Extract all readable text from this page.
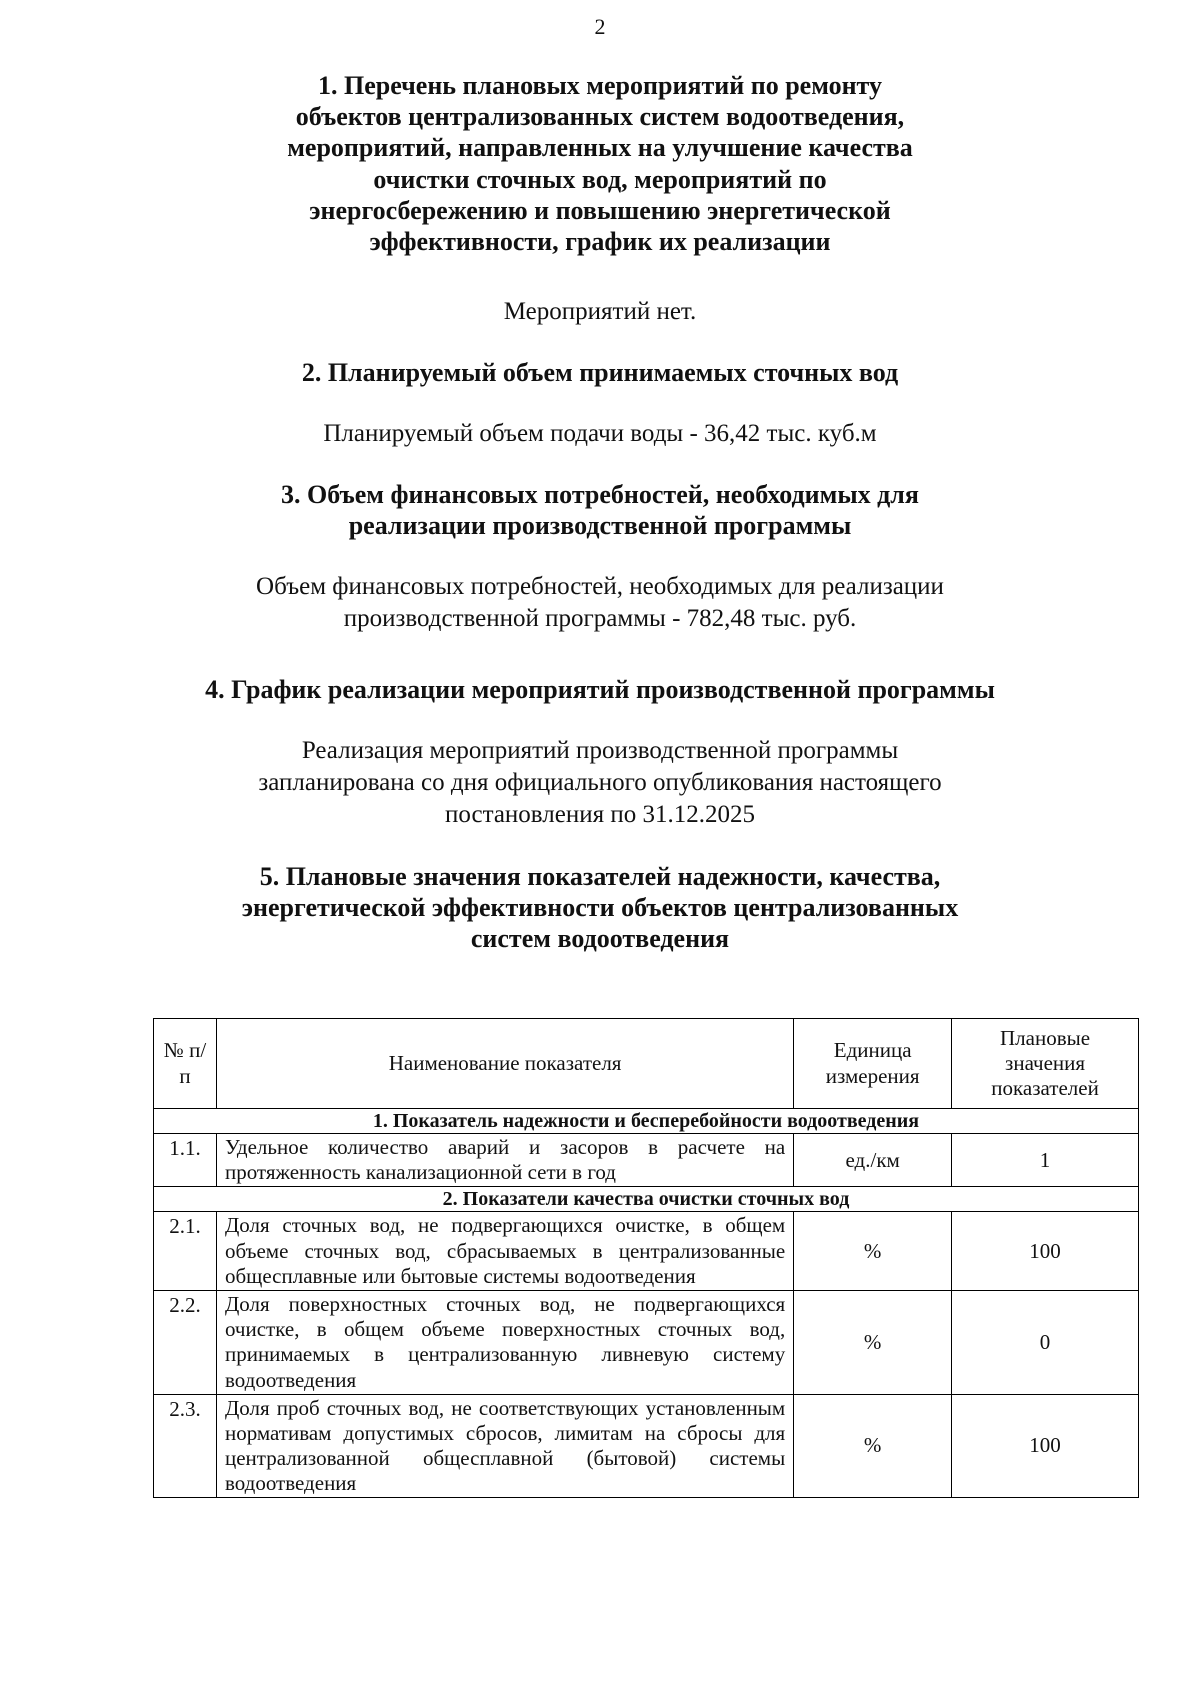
2
1. Перечень плановых мероприятий по ремонту
объектов централизованных систем водоотведения,
мероприятий, направленных на улучшение качества
очистки сточных вод, мероприятий по
энергосбережению и повышению энергетической
эффективности, график их реализации
Мероприятий нет.
2. Планируемый объем принимаемых сточных вод
Планируемый объем подачи воды - 36,42 тыс. куб.м
3. Объем финансовых потребностей, необходимых для
реализации производственной программы
Объем финансовых потребностей, необходимых для реализации
производственной программы - 782,48 тыс. руб.
4. График реализации мероприятий производственной программы
Реализация мероприятий производственной программы
запланирована со дня официального опубликования настоящего
постановления по 31.12.2025
5. Плановые значения показателей надежности, качества,
энергетической эффективности объектов централизованных
систем водоотведения
№ п/п	Наименование показателя	Единица измерения	Плановые значения показателей
1. Показатель надежности и бесперебойности водоотведения			
1.1.	Удельное количество аварий и засоров в расчете на протяженность канализационной сети в год	ед./км	1
2. Показатели качества очистки сточных вод			
2.1.	Доля сточных вод, не подвергающихся очистке, в общем объеме сточных вод, сбрасываемых в централизованные общесплавные или бытовые системы водоотведения	%	100
2.2.	Доля поверхностных сточных вод, не подвергающихся очистке, в общем объеме поверхностных сточных вод, принимаемых в централизованную ливневую систему водоотведения	%	0
2.3.	Доля проб сточных вод, не соответствующих установленным нормативам допустимых сбросов, лимитам на сбросы для централизованной общесплавной (бытовой) системы водоотведения	%	100
